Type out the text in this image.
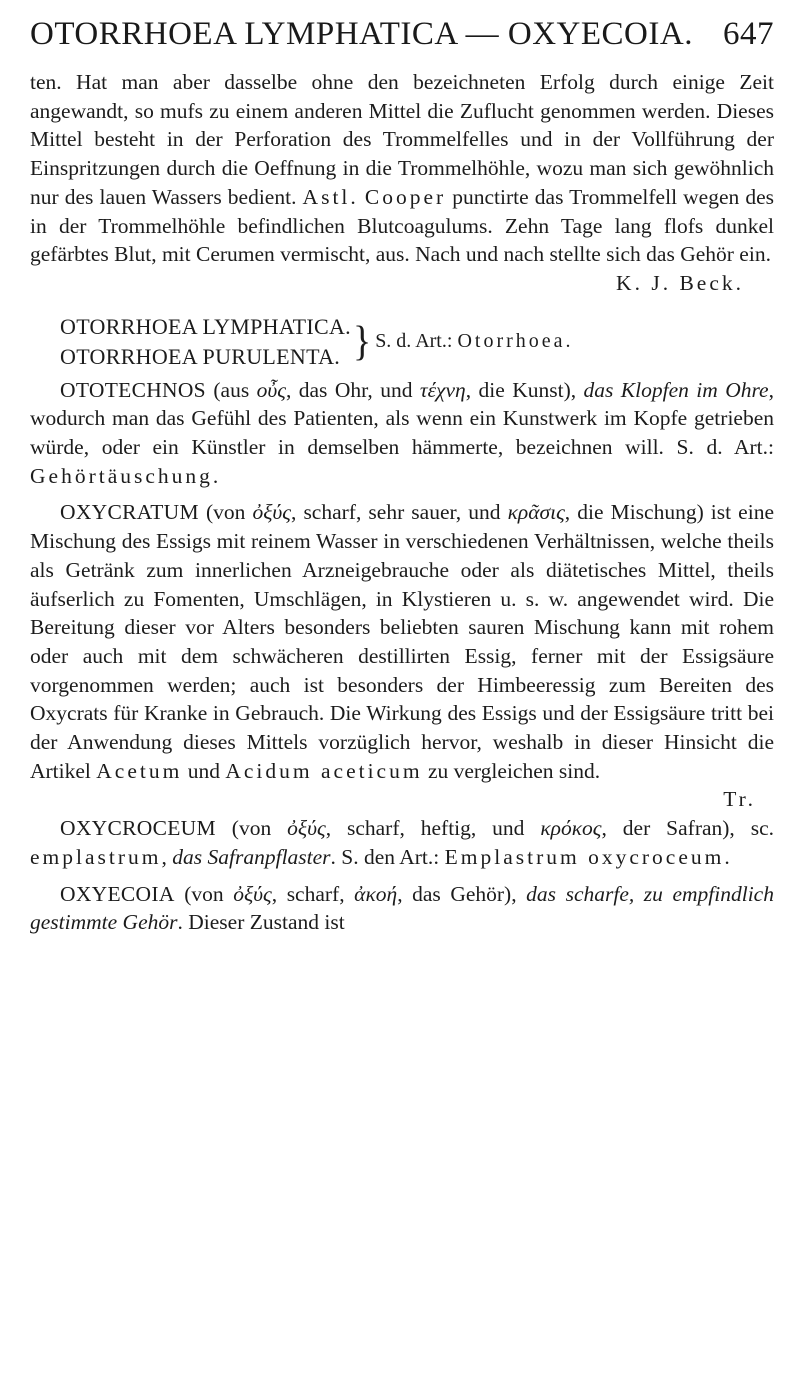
OTORRHOEA LYMPHATICA — OXYECOIA. 647

ten. Hat man aber dasselbe ohne den bezeichneten Erfolg durch einige Zeit angewandt, so mufs zu einem anderen Mittel die Zuflucht genommen werden. Dieses Mittel besteht in der Perforation des Trommelfelles und in der Vollführung der Einspritzungen durch die Oeffnung in die Trommelhöhle, wozu man sich gewöhnlich nur des lauen Wassers bedient. Astl. Cooper punctirte das Trommelfell wegen des in der Trommelhöhle befindlichen Blutcoagulums. Zehn Tage lang flofs dunkel gefärbtes Blut, mit Cerumen vermischt, aus. Nach und nach stellte sich das Gehör ein.

K. J. Beck.

OTORRHOEA LYMPHATICA.
OTORRHOEA PURULENTA. } S. d. Art.: Otorrhoea.

OTOTECHNOS (aus οὖς, das Ohr, und τέχνη, die Kunst), das Klopfen im Ohre, wodurch man das Gefühl des Patienten, als wenn ein Kunstwerk im Kopfe getrieben würde, oder ein Künstler in demselben hämmerte, bezeichnen will. S. d. Art.: Gehörtäuschung.

OXYCRATUM (von ὀξύς, scharf, sehr sauer, und κρᾶσις, die Mischung) ist eine Mischung des Essigs mit reinem Wasser in verschiedenen Verhältnissen, welche theils als Getränk zum innerlichen Arzneigebrauche oder als diätetisches Mittel, theils äufserlich zu Fomenten, Umschlägen, in Klystieren u. s. w. angewendet wird. Die Bereitung dieser vor Alters besonders beliebten sauren Mischung kann mit rohem oder auch mit dem schwächeren destillirten Essig, ferner mit der Essigsäure vorgenommen werden; auch ist besonders der Himbeeressig zum Bereiten des Oxycrats für Kranke in Gebrauch. Die Wirkung des Essigs und der Essigsäure tritt bei der Anwendung dieses Mittels vorzüglich hervor, weshalb in dieser Hinsicht die Artikel Acetum und Acidum aceticum zu vergleichen sind.

Tr.

OXYCROCEUM (von ὀξύς, scharf, heftig, und κρόκος, der Safran), sc. emplastrum, das Safranpflaster. S. den Art.: Emplastrum oxycroceum.

OXYECOIA (von ὀξύς, scharf, ἀκοή, das Gehör), das scharfe, zu empfindlich gestimmte Gehör. Dieser Zustand ist
